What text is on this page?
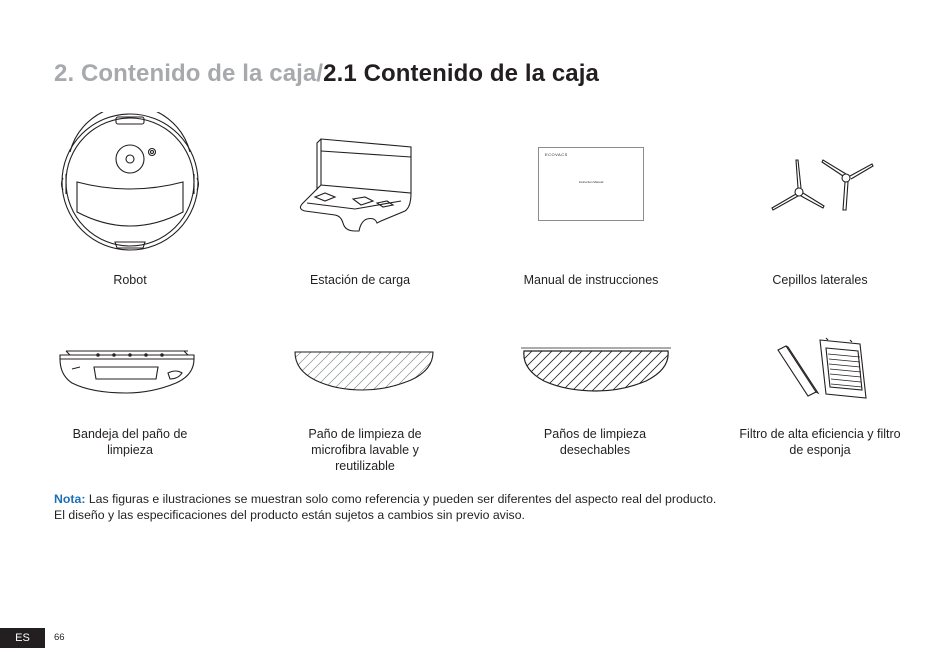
2. Contenido de la caja/2.1 Contenido de la caja
Robot	Estación de carga
ECOVACS
Instruction Manual
Manual de instrucciones	Cepillos laterales
Bandeja del paño de limpieza
Paño de limpieza de microfibra lavable y reutilizable
Paños de limpieza desechables
Filtro de alta eficiencia y filtro de esponja
Nota: Las figuras e ilustraciones se muestran solo como referencia y pueden ser diferentes del aspecto real del producto.
El diseño y las especificaciones del producto están sujetos a cambios sin previo aviso.
ES	66
